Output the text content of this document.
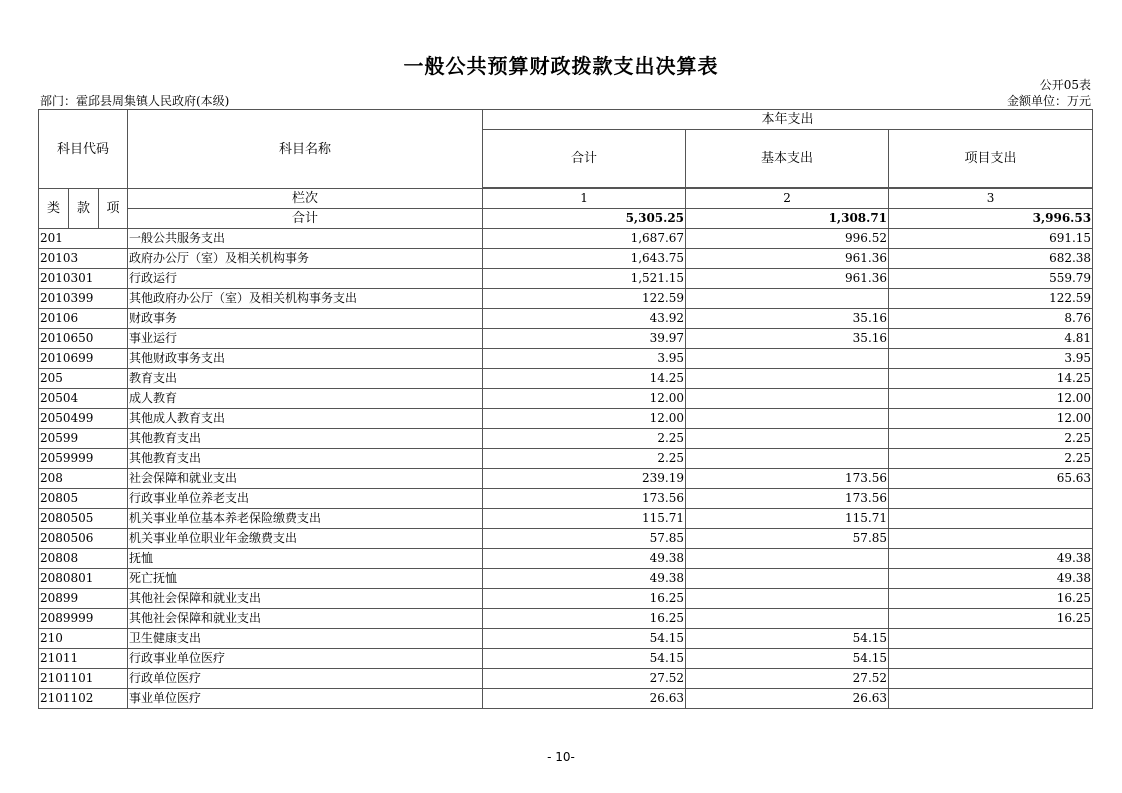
一般公共预算财政拨款支出决算表
公开05表
部门：霍邱县周集镇人民政府(本级)	金额单位：万元
科目代码			科目名称	本年支出		
				合计	基本支出	项目支出

类	款	项	栏次	1	2	3
			合计	5,305.25	1,308.71	3,996.53
201			一般公共服务支出	1,687.67	996.52	691.15
20103			政府办公厅（室）及相关机构事务	1,643.75	961.36	682.38
2010301			行政运行	1,521.15	961.36	559.79
2010399			其他政府办公厅（室）及相关机构事务支出	122.59		122.59
20106			财政事务	43.92	35.16	8.76
2010650			事业运行	39.97	35.16	4.81
2010699			其他财政事务支出	3.95		3.95
205			教育支出	14.25		14.25
20504			成人教育	12.00		12.00
2050499			其他成人教育支出	12.00		12.00
20599			其他教育支出	2.25		2.25
2059999			其他教育支出	2.25		2.25
208			社会保障和就业支出	239.19	173.56	65.63
20805			行政事业单位养老支出	173.56	173.56	
2080505			机关事业单位基本养老保险缴费支出	115.71	115.71	
2080506			机关事业单位职业年金缴费支出	57.85	57.85	
20808			抚恤	49.38		49.38
2080801			死亡抚恤	49.38		49.38
20899			其他社会保障和就业支出	16.25		16.25
2089999			其他社会保障和就业支出	16.25		16.25
210			卫生健康支出	54.15	54.15	
21011			行政事业单位医疗	54.15	54.15	
2101101			行政单位医疗	27.52	27.52	
2101102			事业单位医疗	26.63	26.63	
- 10-
